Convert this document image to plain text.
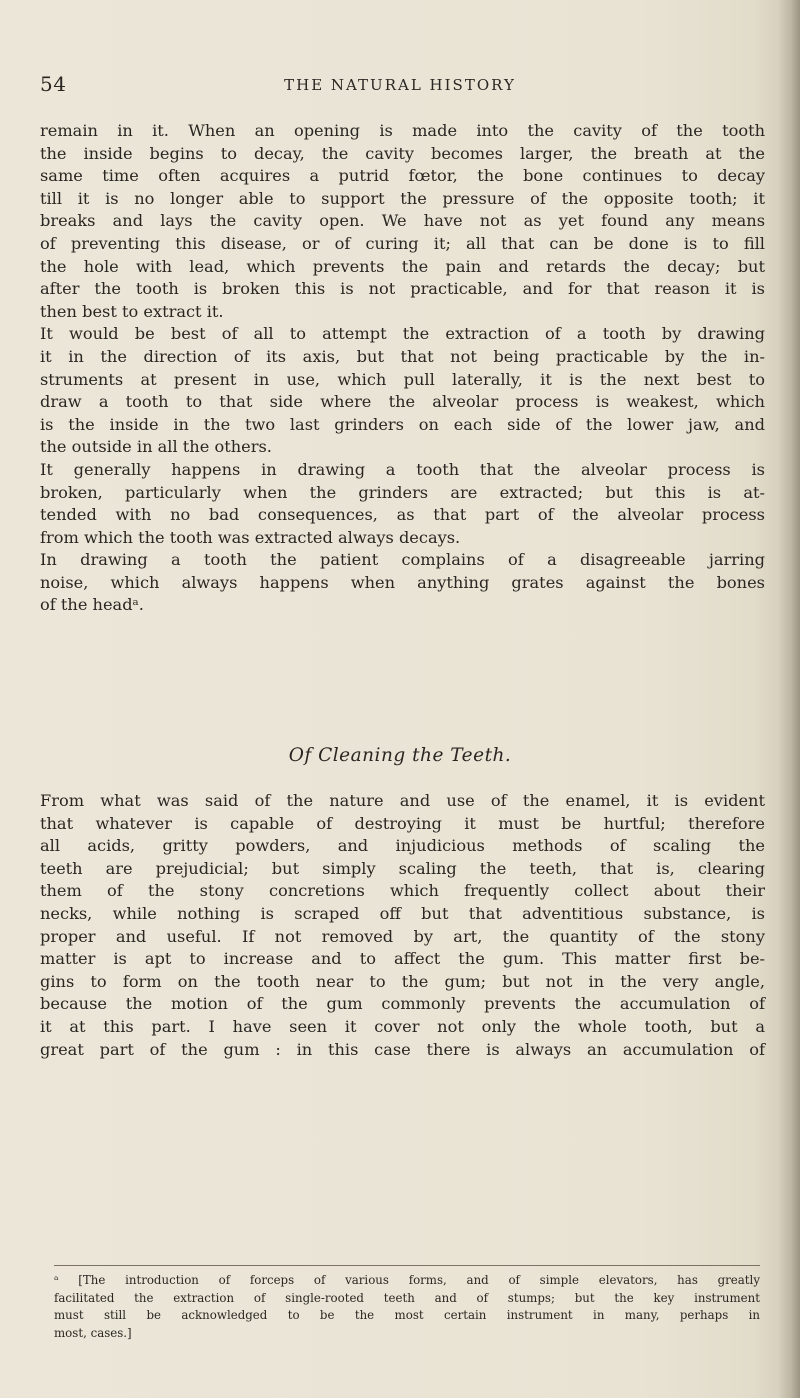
54	THE NATURAL HISTORY
remain in it. When an opening is made into the cavity of the tooth
the inside begins to decay, the cavity becomes larger, the breath at the
same time often acquires a putrid fœtor, the bone continues to decay
till it is no longer able to support the pressure of the opposite tooth; it
breaks and lays the cavity open. We have not as yet found any means
of preventing this disease, or of curing it; all that can be done is to fill
the hole with lead, which prevents the pain and retards the decay; but
after the tooth is broken this is not practicable, and for that reason it is
then best to extract it.
It would be best of all to attempt the extraction of a tooth by drawing
it in the direction of its axis, but that not being practicable by the in-
struments at present in use, which pull laterally, it is the next best to
draw a tooth to that side where the alveolar process is weakest, which
is the inside in the two last grinders on each side of the lower jaw, and
the outside in all the others.
It generally happens in drawing a tooth that the alveolar process is
broken, particularly when the grinders are extracted; but this is at-
tended with no bad consequences, as that part of the alveolar process
from which the tooth was extracted always decays.
In drawing a tooth the patient complains of a disagreeable jarring
noise, which always happens when anything grates against the bones
of the headᵃ.
Of Cleaning the Teeth.
From what was said of the nature and use of the enamel, it is evident
that whatever is capable of destroying it must be hurtful; therefore
all acids, gritty powders, and injudicious methods of scaling the
teeth are prejudicial; but simply scaling the teeth, that is, clearing
them of the stony concretions which frequently collect about their
necks, while nothing is scraped off but that adventitious substance, is
proper and useful. If not removed by art, the quantity of the stony
matter is apt to increase and to affect the gum. This matter first be-
gins to form on the tooth near to the gum; but not in the very angle,
because the motion of the gum commonly prevents the accumulation of
it at this part. I have seen it cover not only the whole tooth, but a
great part of the gum : in this case there is always an accumulation of
ᵃ [The introduction of forceps of various forms, and of simple elevators, has greatly
facilitated the extraction of single-rooted teeth and of stumps; but the key instrument
must still be acknowledged to be the most certain instrument in many, perhaps in
most, cases.]
